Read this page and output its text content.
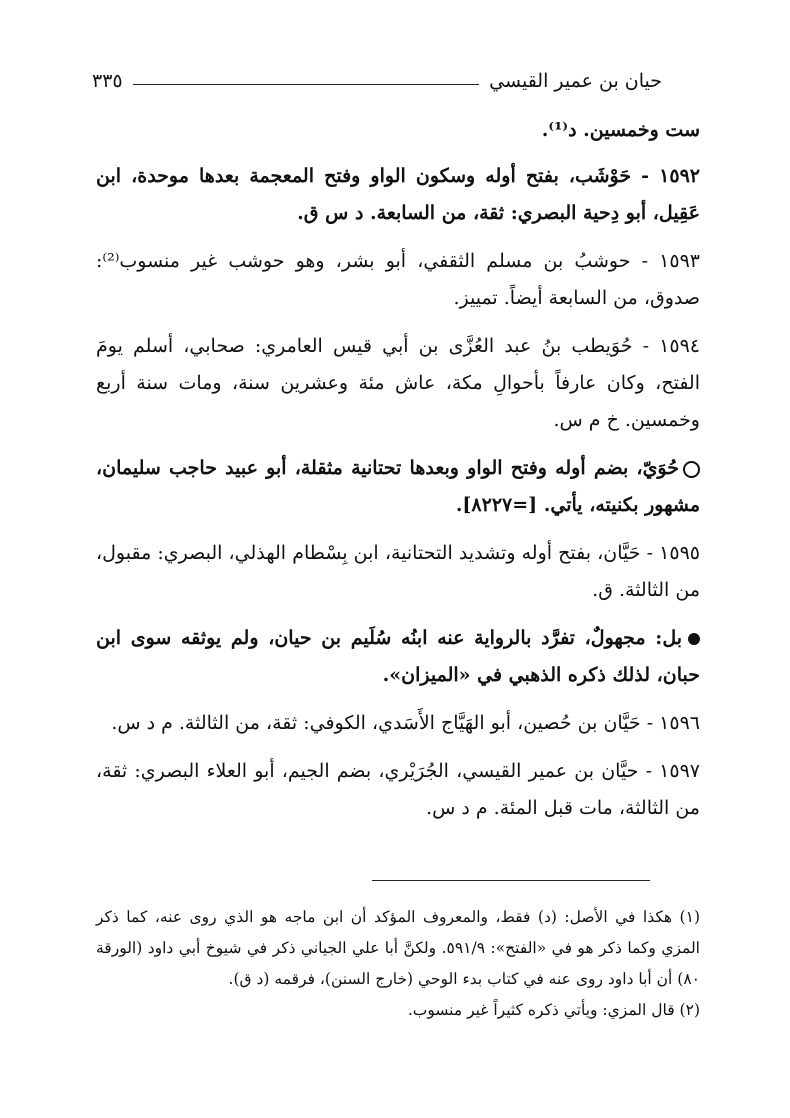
حيان بن عمير القيسي
٣٣٥

ست وخمسين. د⁽¹⁾.

١٥٩٢ - حَوْشَب، بفتح أوله وسكون الواو وفتح المعجمة بعدها موحدة، ابن عَقِيل، أبو دِحية البصري: ثقة، من السابعة. د س ق.

١٥٩٣ - حوشبُ بن مسلم الثقفي، أبو بشر، وهو حوشب غير منسوب⁽²⁾: صدوق، من السابعة أيضاً. تمييز.

١٥٩٤ - حُوَيطب بنُ عبد العُزَّى بن أبي قيس العامري: صحابي، أسلم يومَ الفتح، وكان عارفاً بأحوالِ مكة، عاش مئة وعشرين سنة، ومات سنة أربع وخمسين. خ م س.

حُوَيّ، بضم أوله وفتح الواو وبعدها تحتانية مثقلة، أبو عبيد حاجب سليمان، مشهور بكنيته، يأتي. [=٨٢٢٧].

١٥٩٥ - حَيَّان، بفتح أوله وتشديد التحتانية، ابن بِسْطام الهذلي، البصري: مقبول، من الثالثة. ق.

بل: مجهولٌ، تفرَّد بالرواية عنه ابنُه سُلَيم بن حيان، ولم يوثقه سوى ابن حبان، لذلك ذكره الذهبي في «الميزان».

١٥٩٦ - حَيَّان بن حُصين، أبو الهَيَّاج الأَسَدي، الكوفي: ثقة، من الثالثة. م د س.

١٥٩٧ - حيَّان بن عمير القيسي، الجُرَيْري، بضم الجيم، أبو العلاء البصري: ثقة، من الثالثة، مات قبل المئة. م د س.

(١) هكذا في الأصل: (د) فقط، والمعروف المؤكد أن ابن ماجه هو الذي روى عنه، كما ذكر المزي وكما ذكر هو في «الفتح»: ٥٩١/٩. ولكنَّ أبا علي الجياني ذكر في شيوخ أبي داود (الورقة ٨٠) أن أبا داود روى عنه في كتاب بدء الوحي (خارج السنن)، فرقمه (د ق).

(٢) قال المزي: ويأتي ذكره كثيراً غير منسوب.
